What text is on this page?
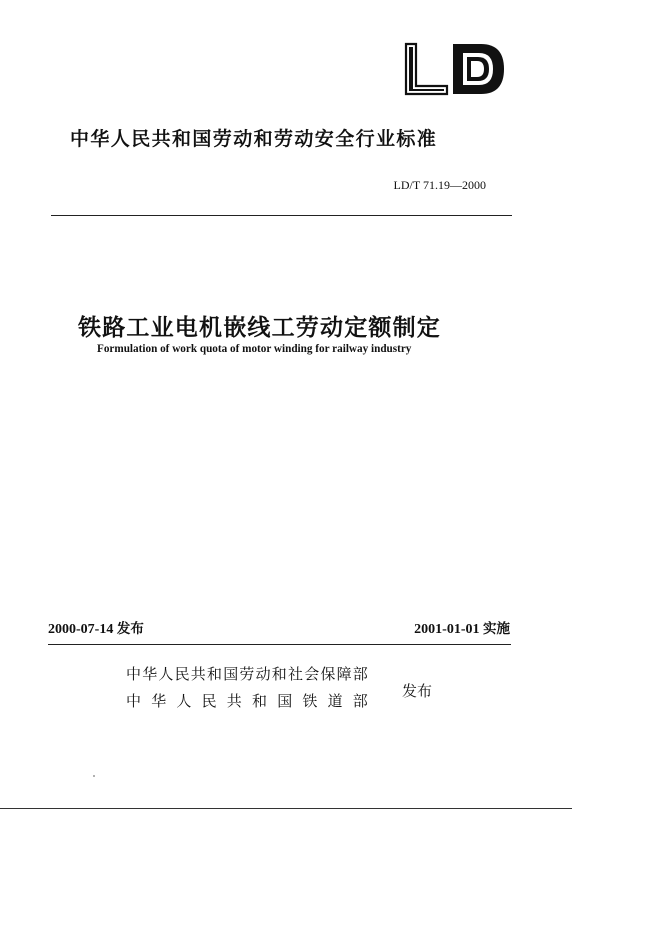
中华人民共和国劳动和劳动安全行业标准
LD/T 71.19—2000
铁路工业电机嵌线工劳动定额制定
Formulation of work quota of motor winding for railway industry
2000-07-14 发布	2001-01-01 实施
中华人民共和国劳动和社会保障部
中华人民共和国铁道部
发布
